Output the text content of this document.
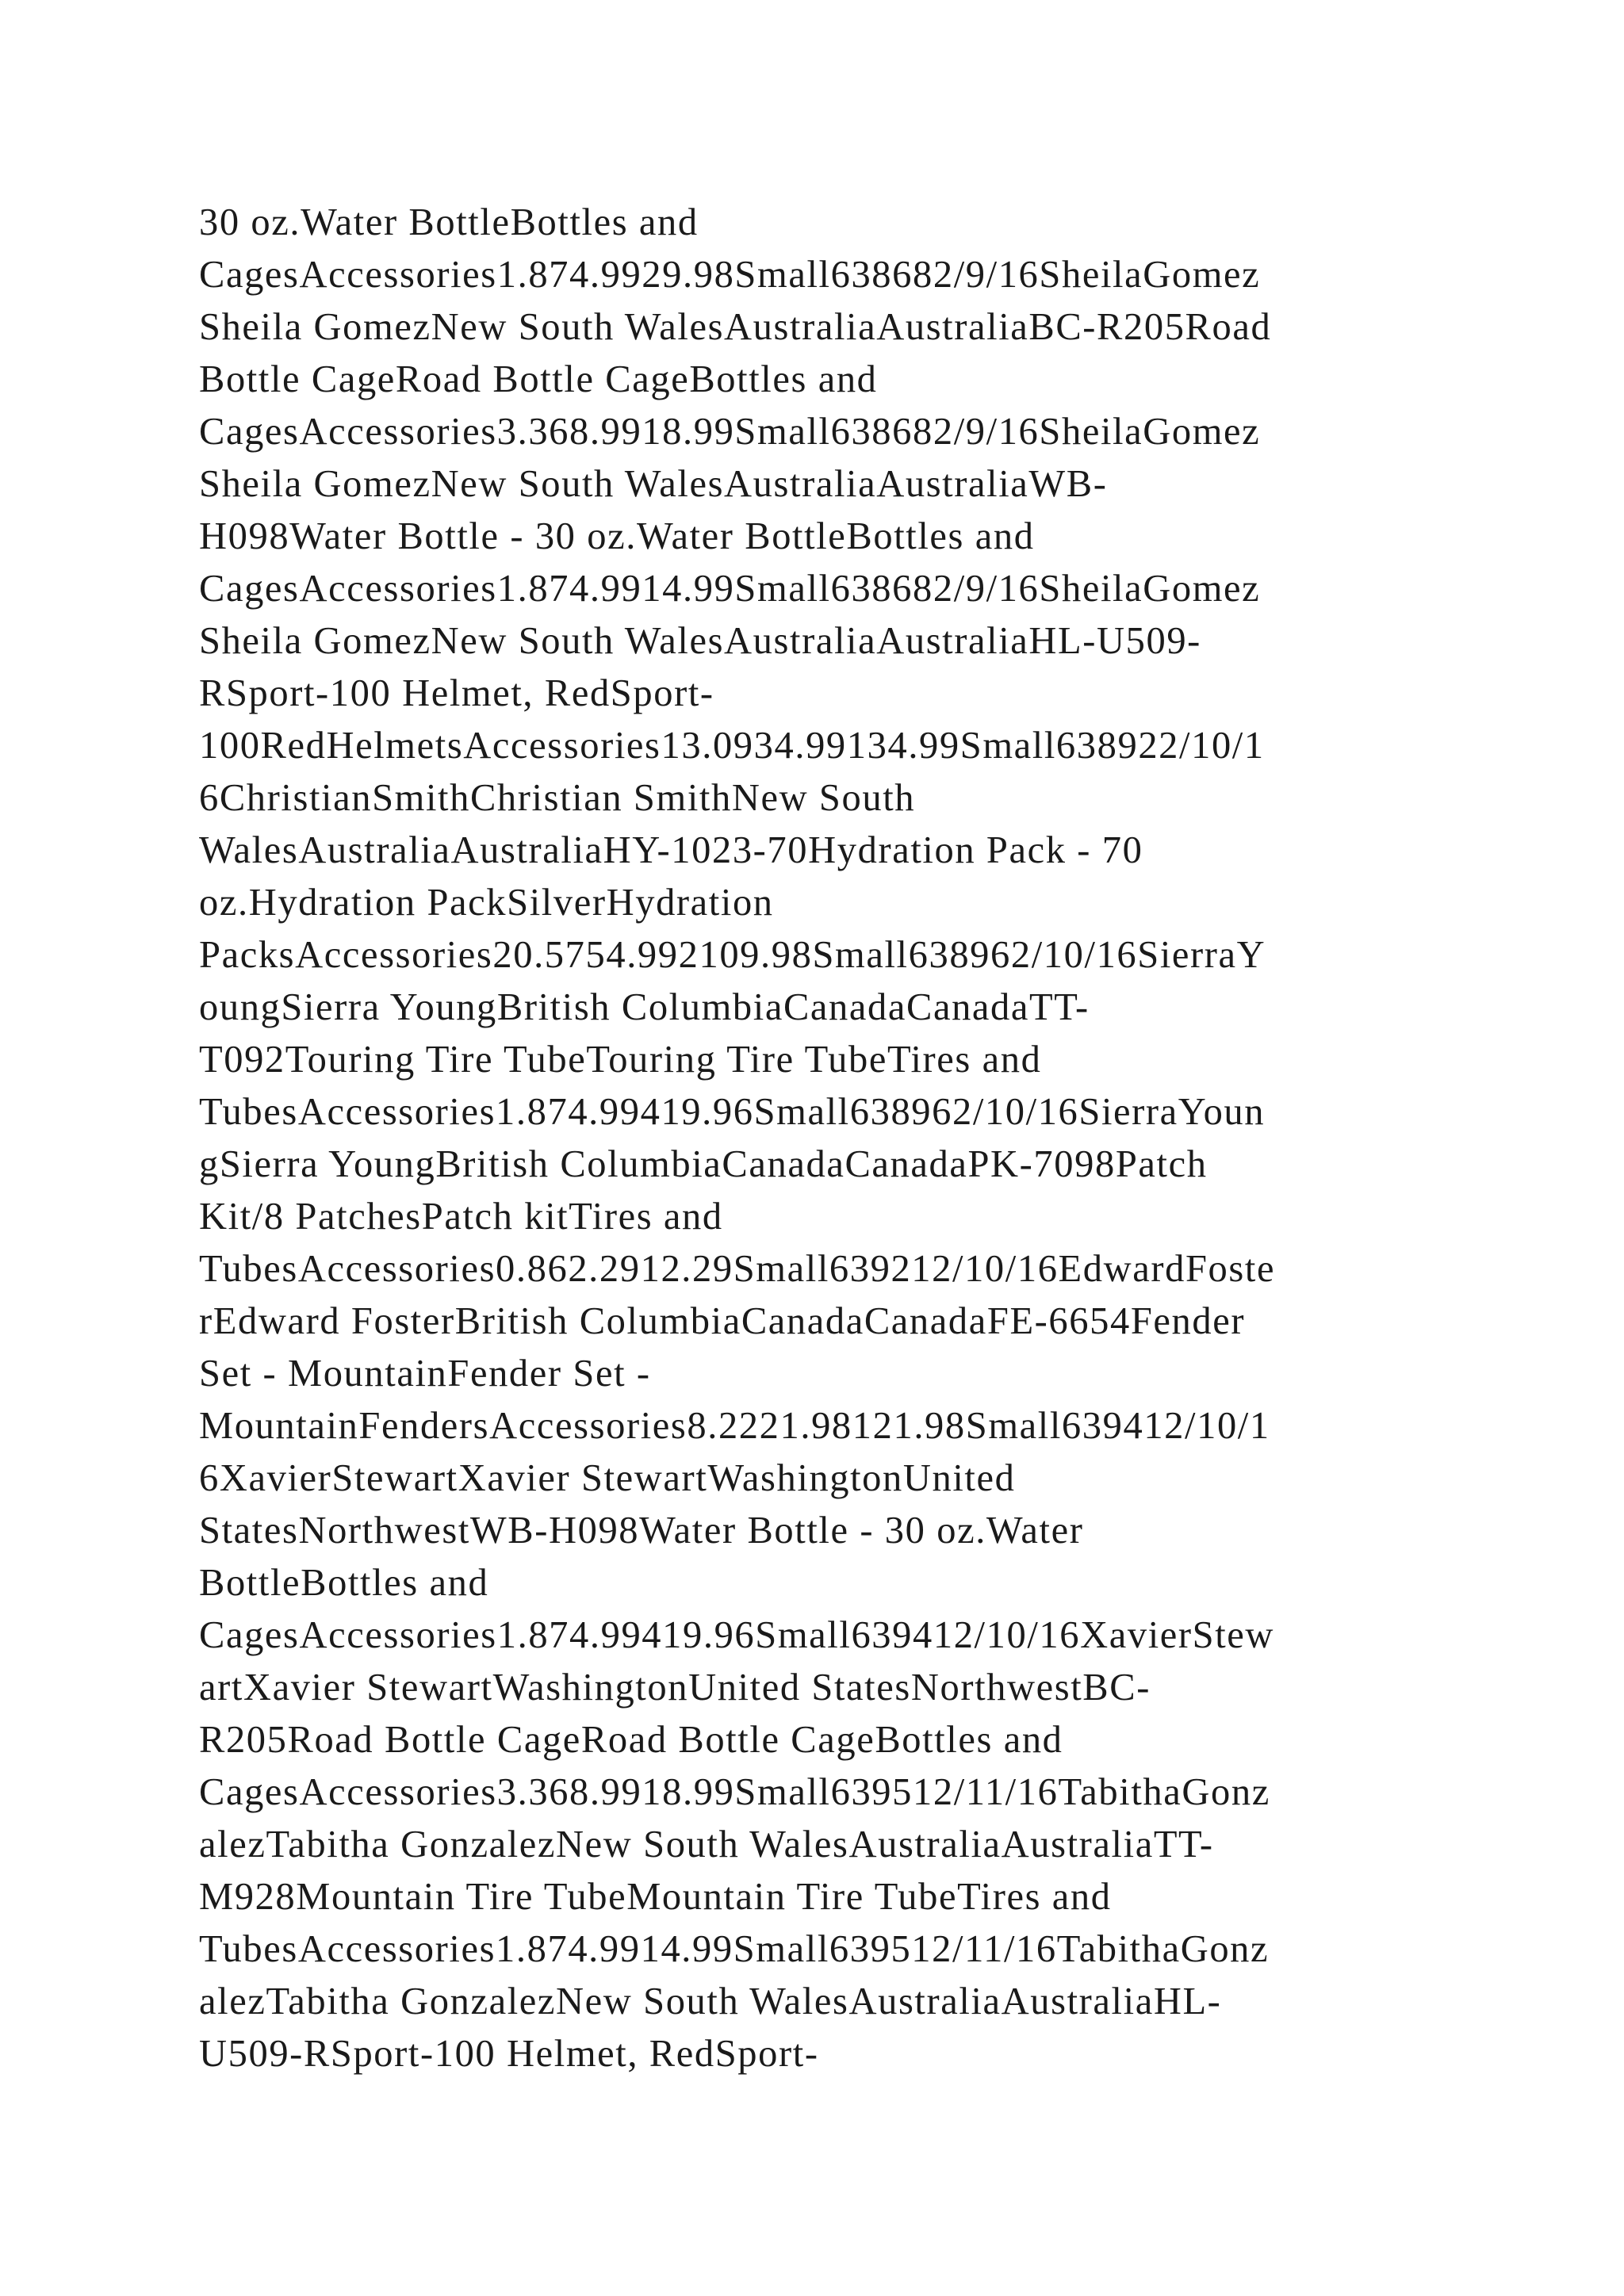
30 oz.Water BottleBottles and
CagesAccessories1.874.9929.98Small638682/9/16SheilaGomez
Sheila GomezNew South WalesAustraliaAustraliaBC-R205Road
Bottle CageRoad Bottle CageBottles and
CagesAccessories3.368.9918.99Small638682/9/16SheilaGomez
Sheila GomezNew South WalesAustraliaAustraliaWB-
H098Water Bottle - 30 oz.Water BottleBottles and
CagesAccessories1.874.9914.99Small638682/9/16SheilaGomez
Sheila GomezNew South WalesAustraliaAustraliaHL-U509-
RSport-100 Helmet, RedSport-
100RedHelmetsAccessories13.0934.99134.99Small638922/10/1
6ChristianSmithChristian SmithNew South
WalesAustraliaAustraliaHY-1023-70Hydration Pack - 70
oz.Hydration PackSilverHydration
PacksAccessories20.5754.992109.98Small638962/10/16SierraY
oungSierra YoungBritish ColumbiaCanadaCanadaTT-
T092Touring Tire TubeTouring Tire TubeTires and
TubesAccessories1.874.99419.96Small638962/10/16SierraYoun
gSierra YoungBritish ColumbiaCanadaCanadaPK-7098Patch
Kit/8 PatchesPatch kitTires and
TubesAccessories0.862.2912.29Small639212/10/16EdwardFoste
rEdward FosterBritish ColumbiaCanadaCanadaFE-6654Fender
Set - MountainFender Set -
MountainFendersAccessories8.2221.98121.98Small639412/10/1
6XavierStewartXavier StewartWashingtonUnited
StatesNorthwestWB-H098Water Bottle - 30 oz.Water
BottleBottles and
CagesAccessories1.874.99419.96Small639412/10/16XavierStew
artXavier StewartWashingtonUnited StatesNorthwestBC-
R205Road Bottle CageRoad Bottle CageBottles and
CagesAccessories3.368.9918.99Small639512/11/16TabithaGonz
alezTabitha GonzalezNew South WalesAustraliaAustraliaTT-
M928Mountain Tire TubeMountain Tire TubeTires and
TubesAccessories1.874.9914.99Small639512/11/16TabithaGonz
alezTabitha GonzalezNew South WalesAustraliaAustraliaHL-
U509-RSport-100 Helmet, RedSport-
